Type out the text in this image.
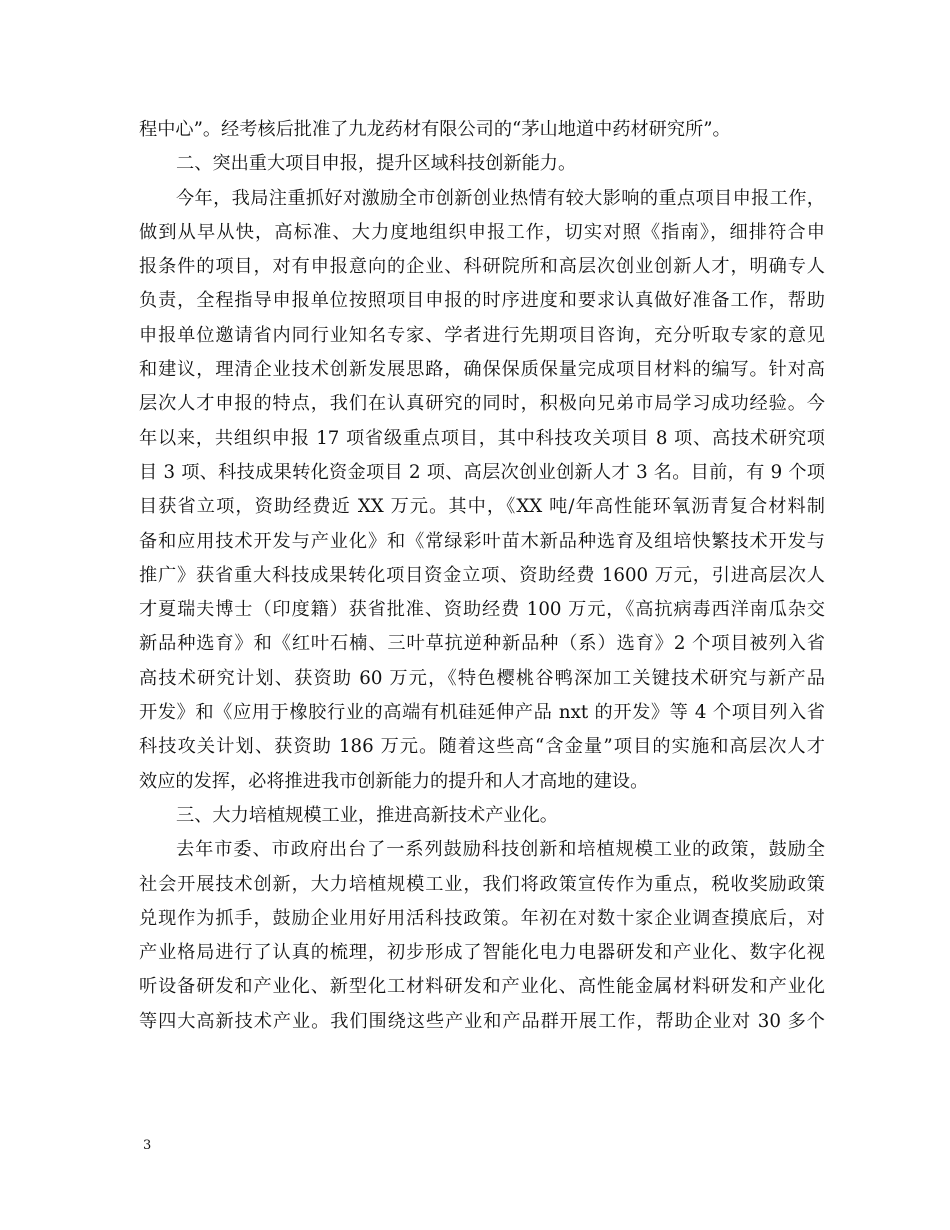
程中心”。经考核后批准了九龙药材有限公司的“茅山地道中药材研究所”。
二、突出重大项目申报，提升区域科技创新能力。
今年，我局注重抓好对激励全市创新创业热情有较大影响的重点项目申报工作，
做到从早从快，高标准、大力度地组织申报工作，切实对照《指南》，细排符合申
报条件的项目，对有申报意向的企业、科研院所和高层次创业创新人才，明确专人
负责，全程指导申报单位按照项目申报的时序进度和要求认真做好准备工作，帮助
申报单位邀请省内同行业知名专家、学者进行先期项目咨询，充分听取专家的意见
和建议，理清企业技术创新发展思路，确保保质保量完成项目材料的编写。针对高
层次人才申报的特点，我们在认真研究的同时，积极向兄弟市局学习成功经验。今
年以来，共组织申报 17 项省级重点项目，其中科技攻关项目 8 项、高技术研究项
目 3 项、科技成果转化资金项目 2 项、高层次创业创新人才 3 名。目前，有 9 个项
目获省立项，资助经费近 XX 万元。其中，《XX 吨/年高性能环氧沥青复合材料制
备和应用技术开发与产业化》和《常绿彩叶苗木新品种选育及组培快繁技术开发与
推广》获省重大科技成果转化项目资金立项、资助经费 1600 万元，引进高层次人
才夏瑞夫博士（印度籍）获省批准、资助经费 100 万元，《高抗病毒西洋南瓜杂交
新品种选育》和《红叶石楠、三叶草抗逆种新品种（系）选育》2 个项目被列入省
高技术研究计划、获资助 60 万元，《特色樱桃谷鸭深加工关键技术研究与新产品
开发》和《应用于橡胶行业的高端有机硅延伸产品 nxt 的开发》等 4 个项目列入省
科技攻关计划、获资助 186 万元。随着这些高“含金量”项目的实施和高层次人才
效应的发挥，必将推进我市创新能力的提升和人才高地的建设。
三、大力培植规模工业，推进高新技术产业化。
去年市委、市政府出台了一系列鼓励科技创新和培植规模工业的政策，鼓励全
社会开展技术创新，大力培植规模工业，我们将政策宣传作为重点，税收奖励政策
兑现作为抓手，鼓励企业用好用活科技政策。年初在对数十家企业调查摸底后，对
产业格局进行了认真的梳理，初步形成了智能化电力电器研发和产业化、数字化视
听设备研发和产业化、新型化工材料研发和产业化、高性能金属材料研发和产业化
等四大高新技术产业。我们围绕这些产业和产品群开展工作，帮助企业对 30 多个
3
